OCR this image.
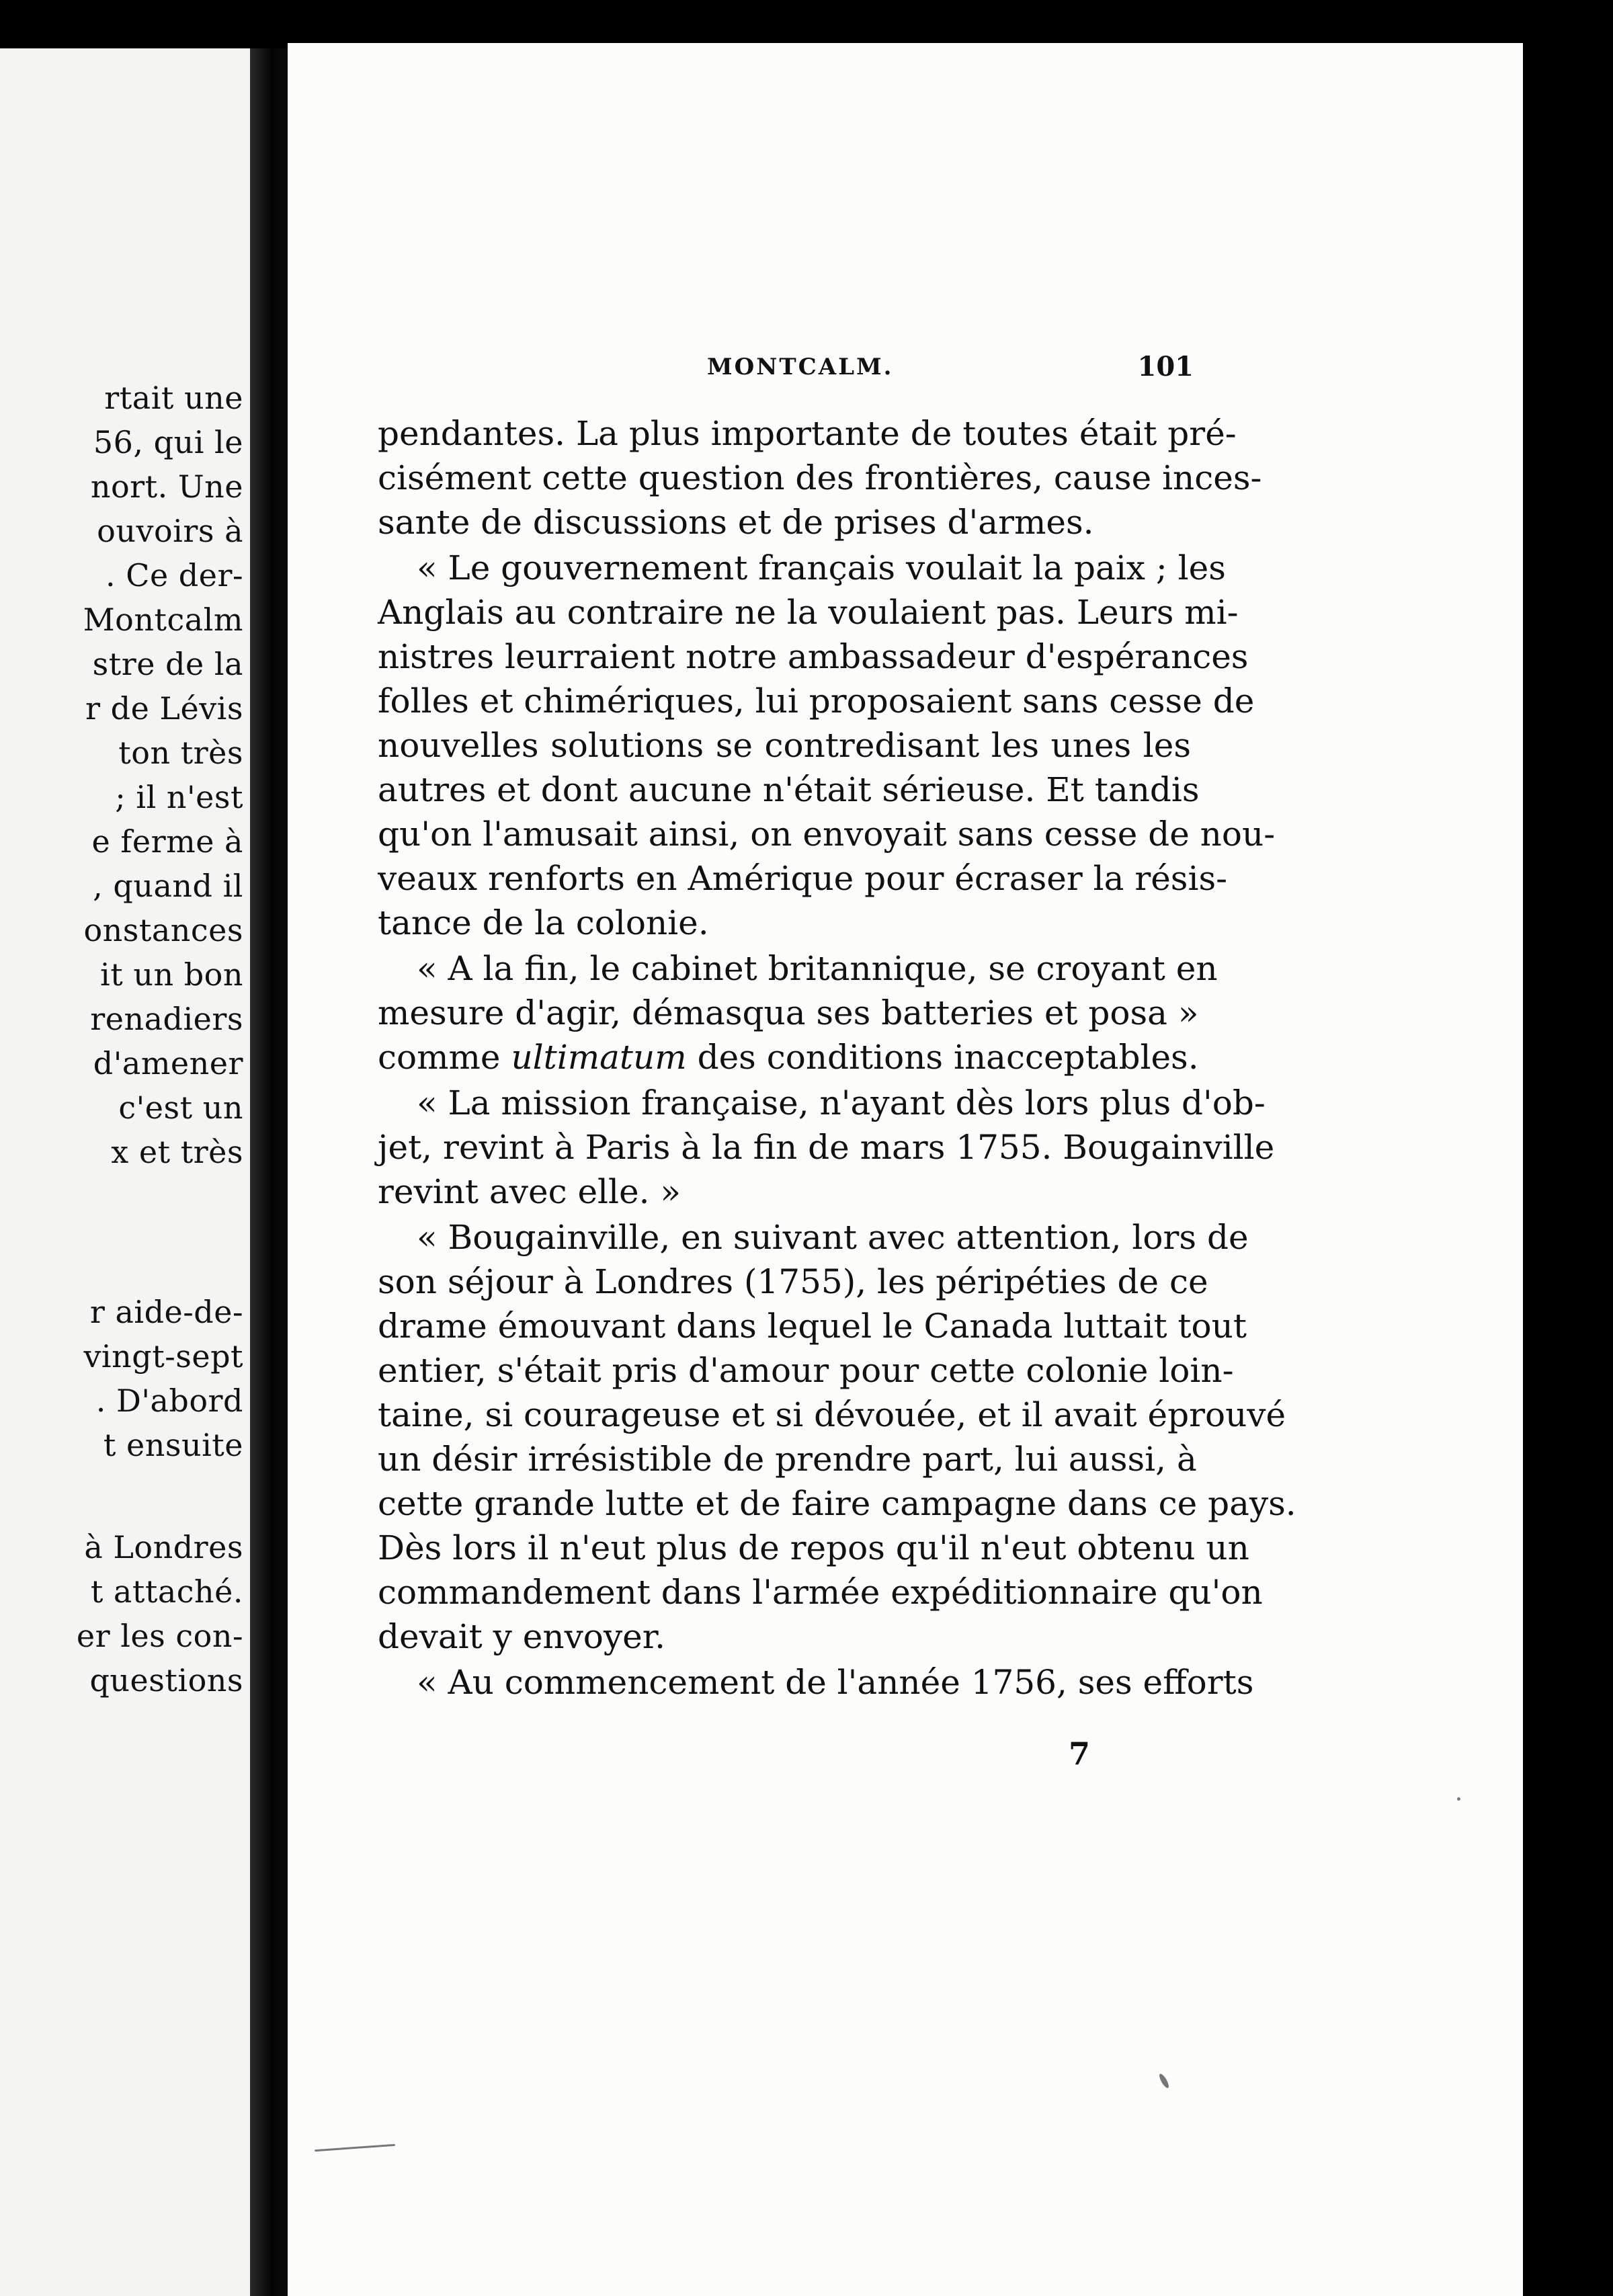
rtait une
56, qui le
nort. Une
ouvoirs à
. Ce der-
Montcalm
stre de la
r de Lévis
ton très
; il n'est
e ferme à
, quand il
onstances
it un bon
renadiers
d'amener
c'est un
x et très
r aide-de-
vingt-sept
. D'abord
t ensuite
à Londres
t attaché.
er les con-
questions
MONTCALM.	101
pendantes. La plus importante de toutes était pré-
cisément cette question des frontières, cause inces-
sante de discussions et de prises d'armes.
« Le gouvernement français voulait la paix ; les
Anglais au contraire ne la voulaient pas. Leurs mi-
nistres leurraient notre ambassadeur d'espérances
folles et chimériques, lui proposaient sans cesse de
nouvelles solutions se contredisant les unes les
autres et dont aucune n'était sérieuse. Et tandis
qu'on l'amusait ainsi, on envoyait sans cesse de nou-
veaux renforts en Amérique pour écraser la résis-
tance de la colonie.
« A la fin, le cabinet britannique, se croyant en
mesure d'agir, démasqua ses batteries et posa »
comme ultimatum des conditions inacceptables.
« La mission française, n'ayant dès lors plus d'ob-
jet, revint à Paris à la fin de mars 1755. Bougainville
revint avec elle. »
« Bougainville, en suivant avec attention, lors de
son séjour à Londres (1755), les péripéties de ce
drame émouvant dans lequel le Canada luttait tout
entier, s'était pris d'amour pour cette colonie loin-
taine, si courageuse et si dévouée, et il avait éprouvé
un désir irrésistible de prendre part, lui aussi, à
cette grande lutte et de faire campagne dans ce pays.
Dès lors il n'eut plus de repos qu'il n'eut obtenu un
commandement dans l'armée expéditionnaire qu'on
devait y envoyer.
« Au commencement de l'année 1756, ses efforts
7
